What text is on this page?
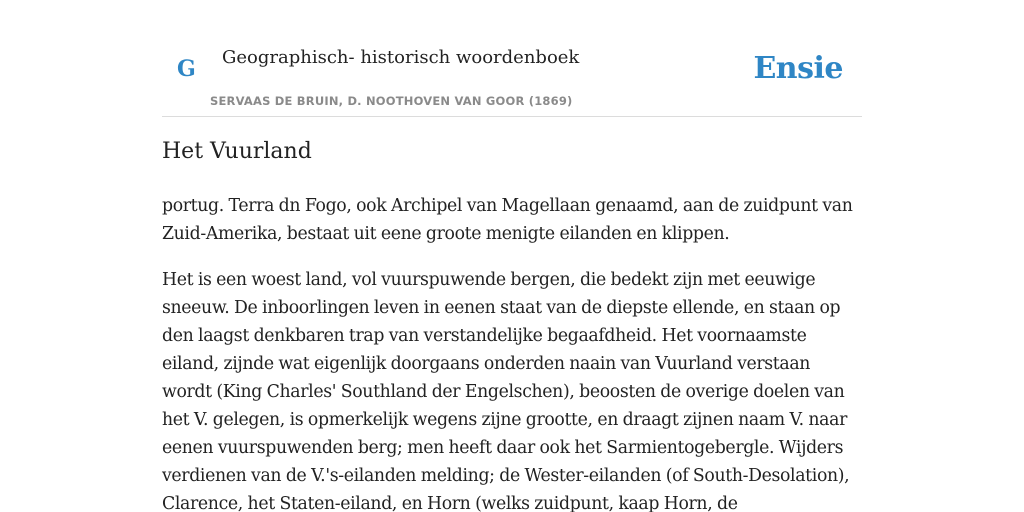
G Geographisch- historisch woordenboek
SERVAAS DE BRUIN, D. NOOTHOVEN VAN GOOR (1869)
Ensie
Het Vuurland

portug. Terra dn Fogo, ook Archipel van Magellaan genaamd, aan de zuidpunt van Zuid-Amerika, bestaat uit eene groote menigte eilanden en klippen.

Het is een woest land, vol vuurspuwende bergen, die bedekt zijn met eeuwige sneeuw. De inboorlingen leven in eenen staat van de diepste ellende, en staan op den laagst denkbaren trap van verstandelijke begaafdheid. Het voornaamste eiland, zijnde wat eigenlijk doorgaans onderden naain van Vuurland verstaan wordt (King Charles' Southland der Engelschen), beoosten de overige doelen van het V. gelegen, is opmerkelijk wegens zijne grootte, en draagt zijnen naam V. naar eenen vuurspuwenden berg; men heeft daar ook het Sarmientogebergle. Wijders verdienen van de V.'s-eilanden melding; de Wester-eilanden (of South-Desolation), Clarence, het Staten-eiland, en Horn (welks zuidpunt, kaap Horn, de
